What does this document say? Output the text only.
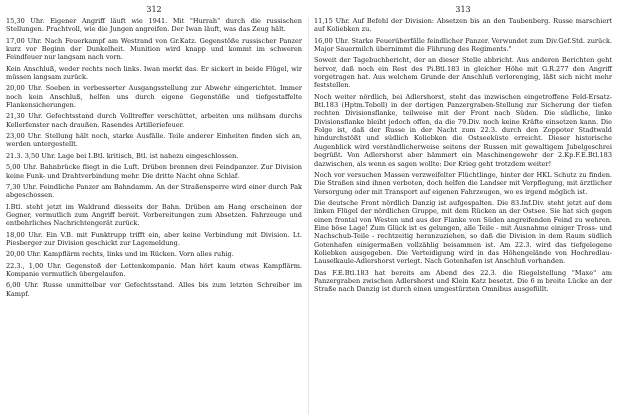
312

15,30 Uhr. Eigener Angriff läuft wie 1941. Mit "Hurrah" durch die russischen Stellungen. Prachtvoll, wie die Jungen angreifen. Der Iwan läuft, was das Zeug hält.

17,00 Uhr. Nach Feuerkampf am Westrand von Gr.Katz. Gegenstöße russischer Panzer kurz vor Beginn der Dunkelheit. Munition wird knapp und kommt im schweren Feindfeuer nur langsam nach vorn.

Kein Anschluß, weder rechts noch links. Iwan merkt das. Er sickert in beide Flügel, wir müssen langsam zurück.

20,00 Uhr. Soeben in verbesserter Ausgangsstellung zur Abwehr eingerichtet. Immer noch kein Anschluß, helfen uns durch eigene Gegenstöße und tiefgestaffelte Flankensicherungen.

21,30 Uhr. Gefechtsstand durch Volltreffer verschüttet, arbeiten uns mühsam durchs Kellerfenster nach draußen. Rasendes Artilleriefeuer.

23,00 Uhr. Stellung hält noch, starke Ausfälle. Teile anderer Einheiten finden sich an, werden untergestellt.

21.3. 3,50 Uhr. Lage bei I.Btl. kritisch, Btl. ist nahezu eingeschlossen.

5,00 Uhr. Bahnbrücke fliegt in die Luft. Drüben brennen drei Feindpanzer. Zur Division keine Funk- und Drahtverbindung mehr. Die dritte Nacht ohne Schlaf.

7,30 Uhr. Feindliche Panzer am Bahndamm. An der Straßensperre wird einer durch Pak abgeschossen.

I.Btl. steht jetzt im Waldrand diesseits der Bahn. Drüben am Hang erscheinen der Gegner, vermutlich zum Angriff bereit. Vorbereitungen zum Absetzen. Fahrzeuge und entbehrliches Nachrichtengerät zurück.

18,00 Uhr. Ein V.B. mit Funktrupp trifft ein, aber keine Verbindung mit Division. Lt. Piesberger zur Division geschickt zur Lagemeldung.

20,00 Uhr. Kampflärm rechts, links und im Rücken. Vorn alles ruhig.

22.3., 1,00 Uhr. Gegenstoß der Lettenkompanie. Man hört kaum etwas Kampflärm. Kompanie vermutlich übergelaufen.

6,00 Uhr. Russe unmittelbar vor Gefechtsstand. Alles bis zum letzten Schreiber im Kampf.

313

11,15 Uhr. Auf Befehl der Division: Absetzen bis an den Taubenberg. Russe marschiert auf Koliebken zu.

16,00 Uhr. Starke Feuerüberfälle feindlicher Panzer. Verwundet zum Div.Gef.Std. zurück. Major Sauermilch übernimmt die Führung des Regiments."

Soweit der Tagebuchbericht, der an dieser Stelle abbricht. Aus anderen Berichten geht hervor, daß noch ein Rest des Pi.Btl.183 in gleicher Höhe mit G.R.277 den Angriff vorgetragen hat. Aus welchem Grunde der Anschluß verlorenging, läßt sich nicht mehr feststellen.

Noch weiter nördlich, bei Adlershorst, steht das inzwischen eingetroffene Feld-Ersatz-Btl.183 (Hptm.Toboll) in der dortigen Panzergraben-Stellung zur Sicherung der tiefen rechten Divisionsflanke, teilweise mit der Front nach Süden. Die südliche, linke Divisionsflanke bleibt jedoch offen, da die 79.Div. noch keine Kräfte einsetzen kann. Die Folge ist, daß der Russe in der Nacht zum 22.3. durch den Zoppoter Stadtwald hindurchstößt und südlich Koliebken die Ostseeküste erreicht. Dieser historische Augenblick wird verständlicherweise seitens der Russen mit gewaltigem Jubelgeschrei begrüßt. Von Adlershorst aber hämmert ein Maschinengewehr der 2.Kp.F.E.Btl.183 dazwischen, als wenn es sagen wollte: Der Krieg geht trotzdem weiter!

Noch vor versuchen Massen verzweifelter Flüchtlinge, hinter der HKL Schutz zu finden. Die Straßen sind ihnen verboten, doch helfen die Landser mit Verpflegung, mit ärztlicher Versorgung oder mit Transport auf eigenen Fahrzeugen, wo es irgend möglich ist.

Die deutsche Front nördlich Danzig ist aufgespalten. Die 83.Inf.Div. steht jetzt auf dem linken Flügel der nördlichen Gruppe, mit dem Rücken an der Ostsee. Sie hat sich gegen einen frontal von Westen und aus der Flanke von Süden angreifenden Feind zu wehren. Eine böse Lage! Zum Glück ist es gelungen, alle Teile - mit Ausnahme einiger Tross- und Nachschub-Teile - rechtzeitig heranzuziehen, so daß die Division in dem Raum südlich Gotenhafen einigermaßen vollzählig beisammen ist. Am 22.3. wird das tiefgelegene Koliebken ausgegeben. Die Verteidigung wird in das Höhengelände von Hochredlau-Lauselkaule-Adlershorst verlegt. Nach Gotenhafen ist Anschluß vorhanden.

Das F.E.Btl.183 hat bereits am Abend des 22.3. die Riegelstellung "Maxe" am Panzergraben zwischen Adlershorst und Klein Katz besetzt. Die 6 m breite Lücke an der Straße nach Danzig ist durch einen umgestürzten Omnibus ausgefüllt.
